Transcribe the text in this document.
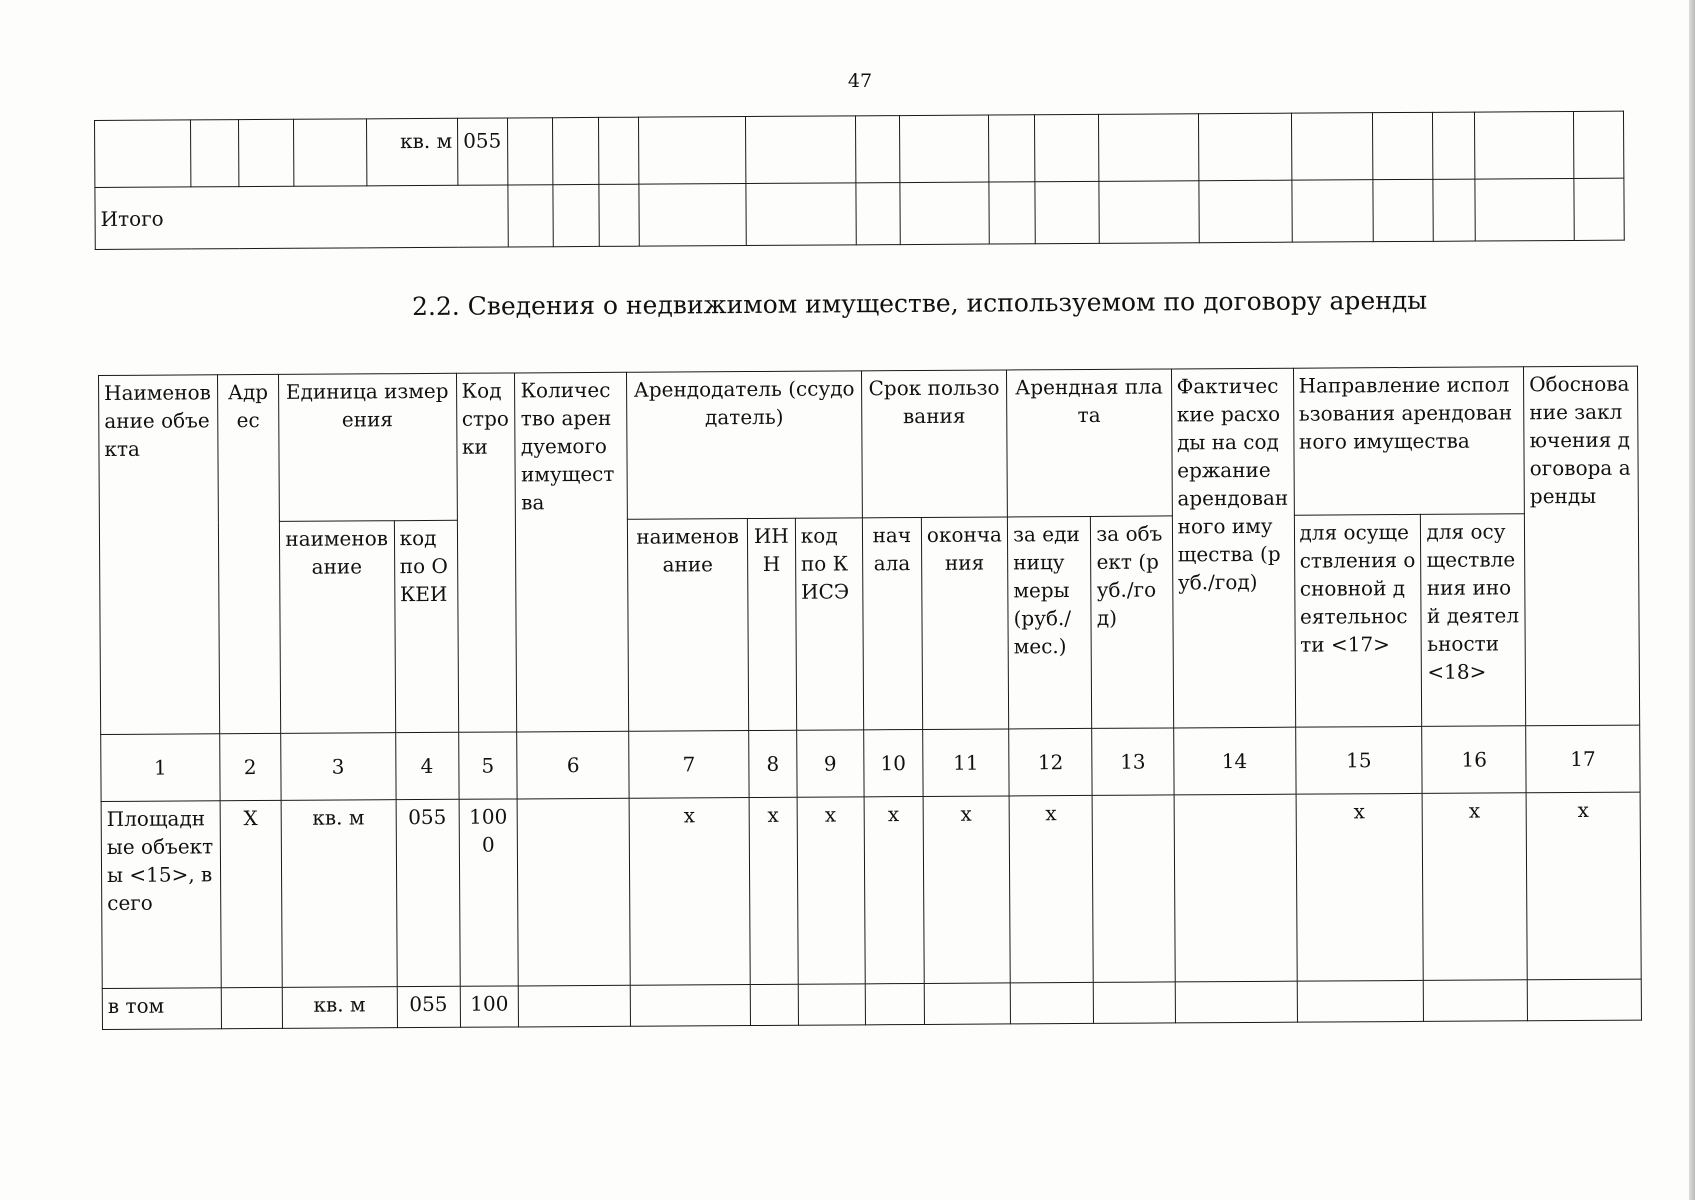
47
				кв. м	055																
Итого																					
2.2. Сведения о недвижимом имуществе, используемом по договору аренды
Наименование объекта	Адрес	Единица измерения		Код строки	Количество арендуемого имущества	Арендодатель (ссудодатель)			Срок пользования		Арендная плата		Фактические расходы на содержание арендованного имущества (руб./год)	Направление использования арендованного имущества		Обоснование заключения договора аренды
		наименование	код по ОКЕИ			наименование	ИНН	код по КИСЭ	начала	окончания	за единицу меры (руб./мес.)	за объект (руб./год)		для осуществления основной деятельности <17>	для осуществления иной деятельности <18>	
1	2	3	4	5	6	7	8	9	10	11	12	13	14	15	16	17
Площадные объекты <15>, всего	Х	кв. м	055	1000		х	х	х	х	х	х			х	х	х
в том		кв. м	055	100												
